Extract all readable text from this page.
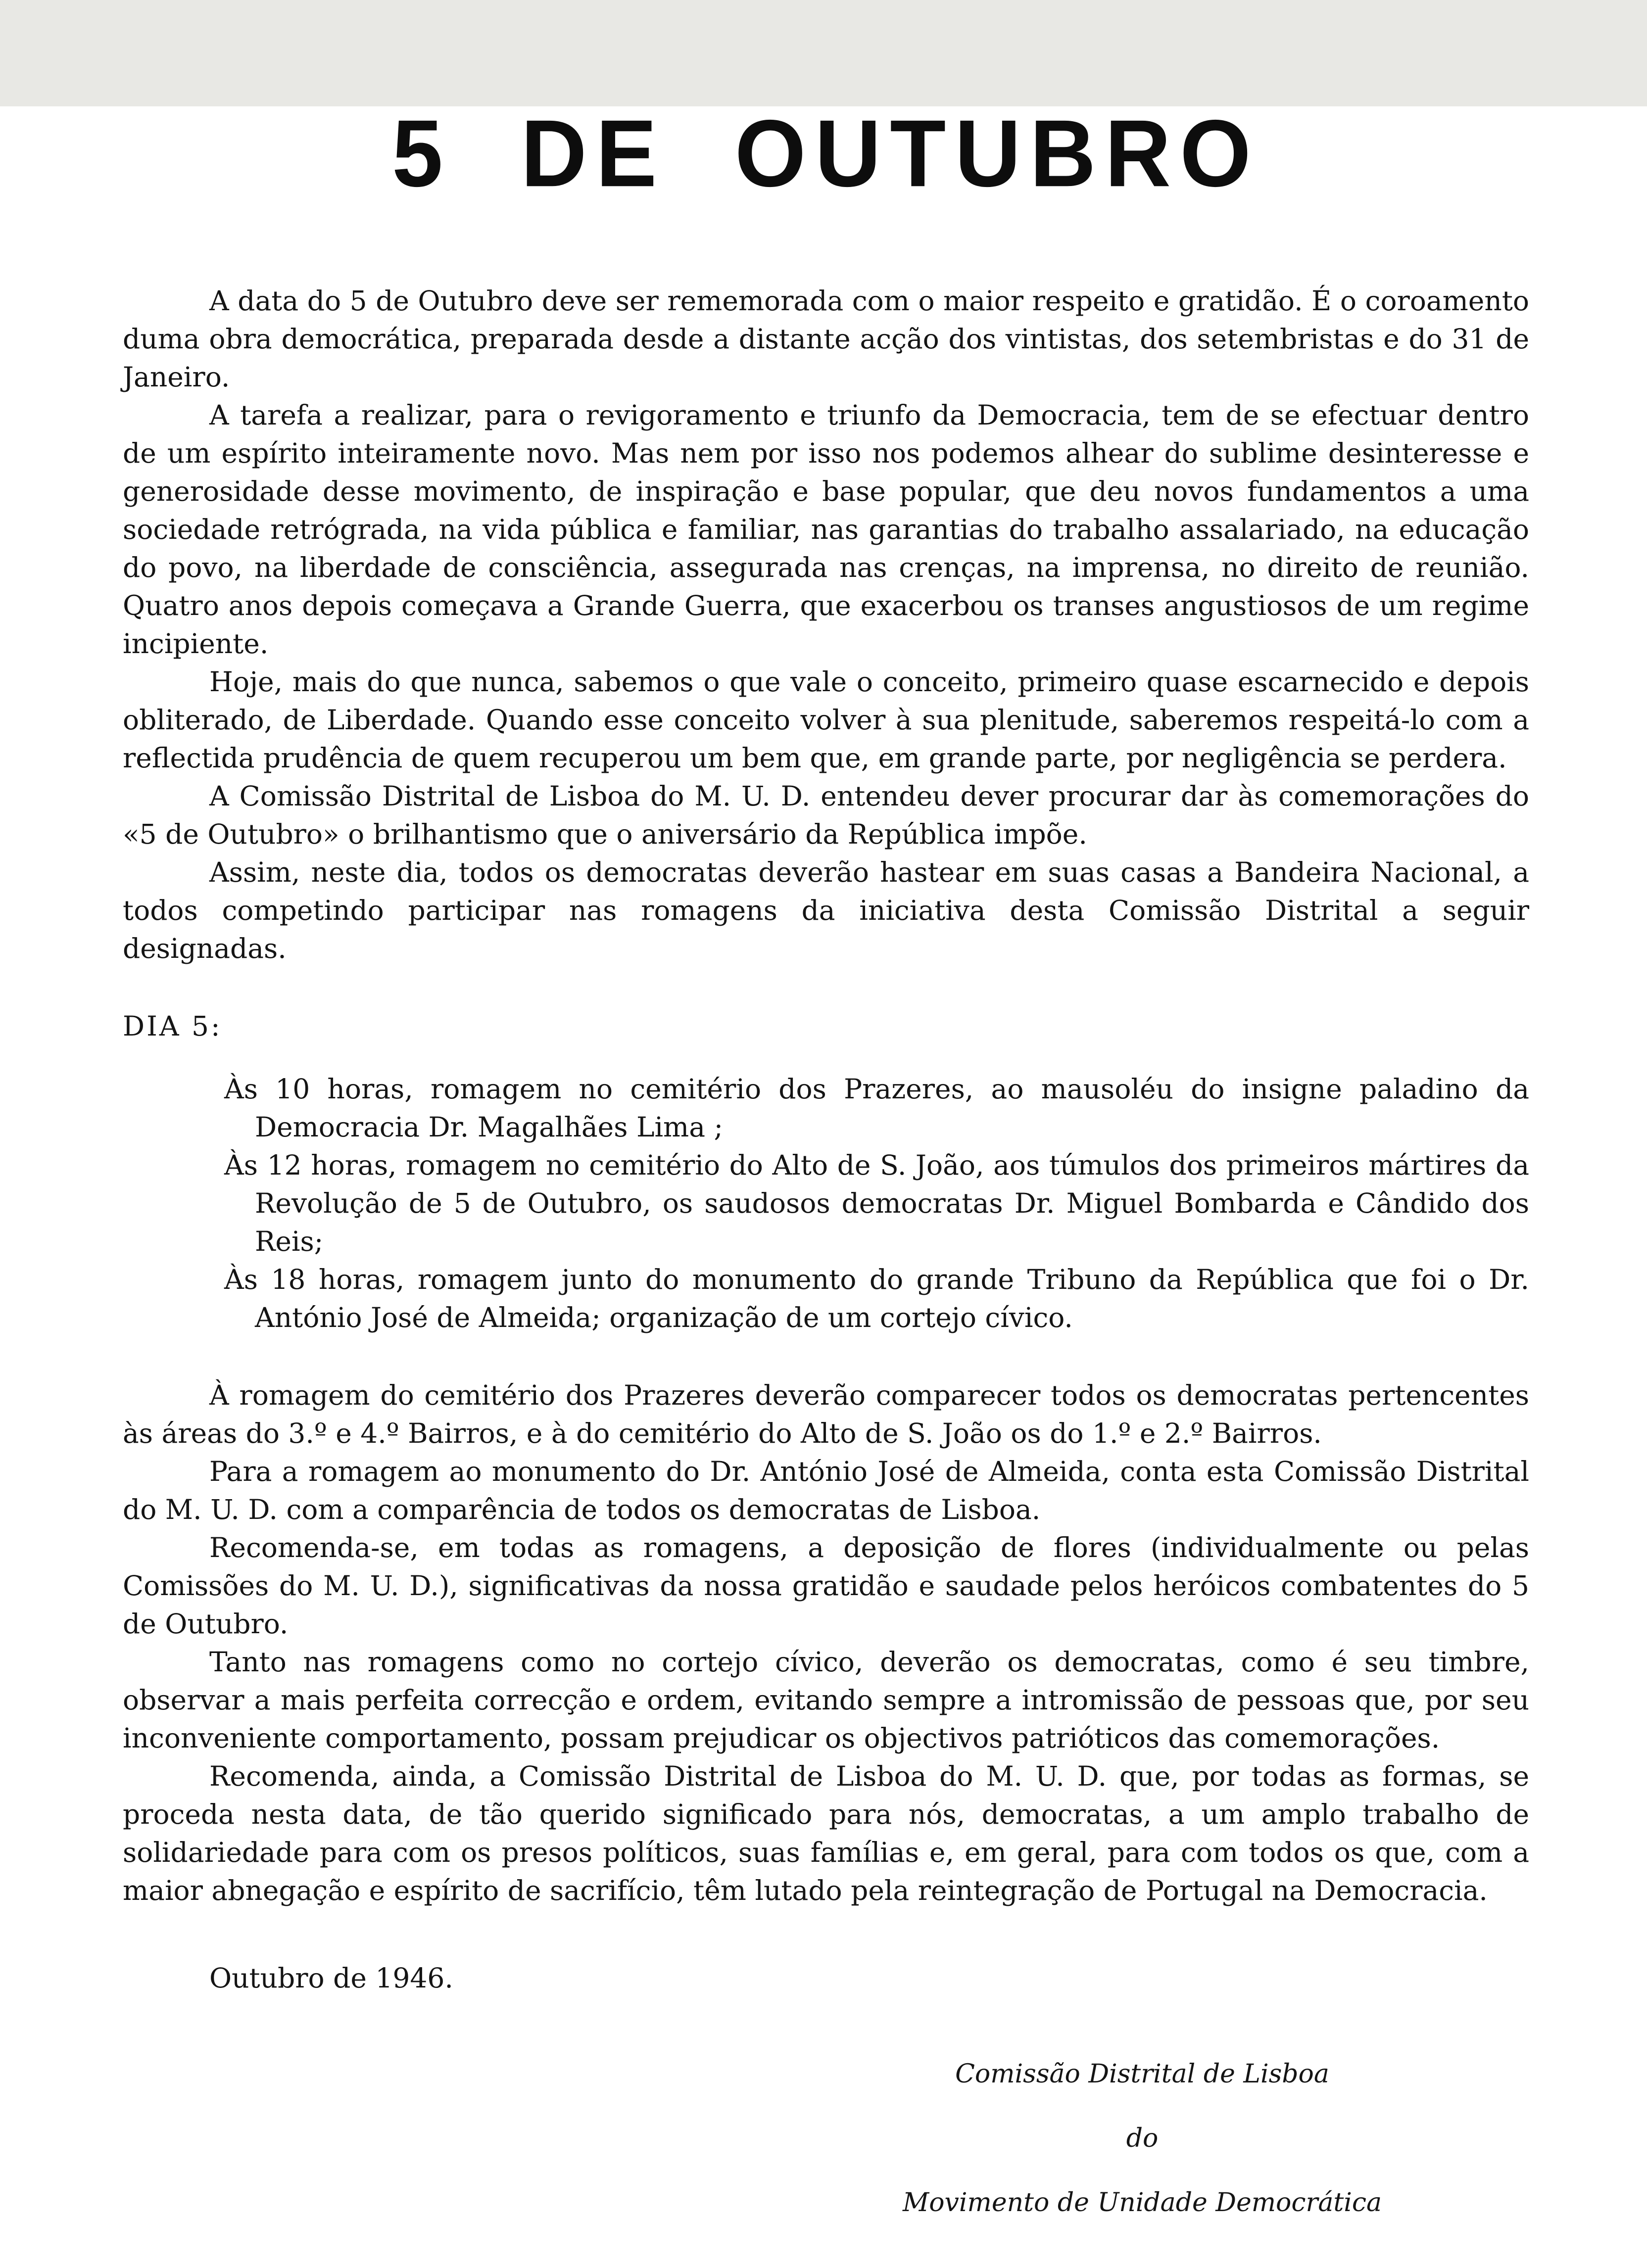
5 DE OUTUBRO

A data do 5 de Outubro deve ser rememorada com o maior respeito e gratidão. É o coroamento duma obra democrática, preparada desde a distante acção dos vintistas, dos setembristas e do 31 de Janeiro.

A tarefa a realizar, para o revigoramento e triunfo da Democracia, tem de se efectuar dentro de um espírito inteiramente novo. Mas nem por isso nos podemos alhear do sublime desinteresse e generosidade desse movimento, de inspiração e base popular, que deu novos fundamentos a uma sociedade retrógrada, na vida pública e familiar, nas garantias do trabalho assalariado, na educação do povo, na liberdade de consciência, assegurada nas crenças, na imprensa, no direito de reunião. Quatro anos depois começava a Grande Guerra, que exacerbou os transes angustiosos de um regime incipiente.

Hoje, mais do que nunca, sabemos o que vale o conceito, primeiro quase escarnecido e depois obliterado, de Liberdade. Quando esse conceito volver à sua plenitude, saberemos respeitá-lo com a reflectida prudência de quem recuperou um bem que, em grande parte, por negligência se perdera.

A Comissão Distrital de Lisboa do M. U. D. entendeu dever procurar dar às comemorações do «5 de Outubro» o brilhantismo que o aniversário da República impõe.

Assim, neste dia, todos os democratas deverão hastear em suas casas a Bandeira Nacional, a todos competindo participar nas romagens da iniciativa desta Comissão Distrital a seguir designadas.

DIA 5:
Às 10 horas, romagem no cemitério dos Prazeres, ao mausoléu do insigne paladino da Democracia Dr. Magalhães Lima ;
Às 12 horas, romagem no cemitério do Alto de S. João, aos túmulos dos primeiros mártires da Revolução de 5 de Outubro, os saudosos democratas Dr. Miguel Bombarda e Cândido dos Reis;
Às 18 horas, romagem junto do monumento do grande Tribuno da República que foi o Dr. António José de Almeida; organização de um cortejo cívico.

À romagem do cemitério dos Prazeres deverão comparecer todos os democratas pertencentes às áreas do 3.º e 4.º Bairros, e à do cemitério do Alto de S. João os do 1.º e 2.º Bairros.

Para a romagem ao monumento do Dr. António José de Almeida, conta esta Comissão Distrital do M. U. D. com a comparência de todos os democratas de Lisboa.

Recomenda-se, em todas as romagens, a deposição de flores (individualmente ou pelas Comissões do M. U. D.), significativas da nossa gratidão e saudade pelos heróicos combatentes do 5 de Outubro.

Tanto nas romagens como no cortejo cívico, deverão os democratas, como é seu timbre, observar a mais perfeita correcção e ordem, evitando sempre a intromissão de pessoas que, por seu inconveniente comportamento, possam prejudicar os objectivos patrióticos das comemorações.

Recomenda, ainda, a Comissão Distrital de Lisboa do M. U. D. que, por todas as formas, se proceda nesta data, de tão querido significado para nós, democratas, a um amplo trabalho de solidariedade para com os presos políticos, suas famílias e, em geral, para com todos os que, com a maior abnegação e espírito de sacrifício, têm lutado pela reintegração de Portugal na Democracia.

Outubro de 1946.

Comissão Distrital de Lisboa

do

Movimento de Unidade Democrática
